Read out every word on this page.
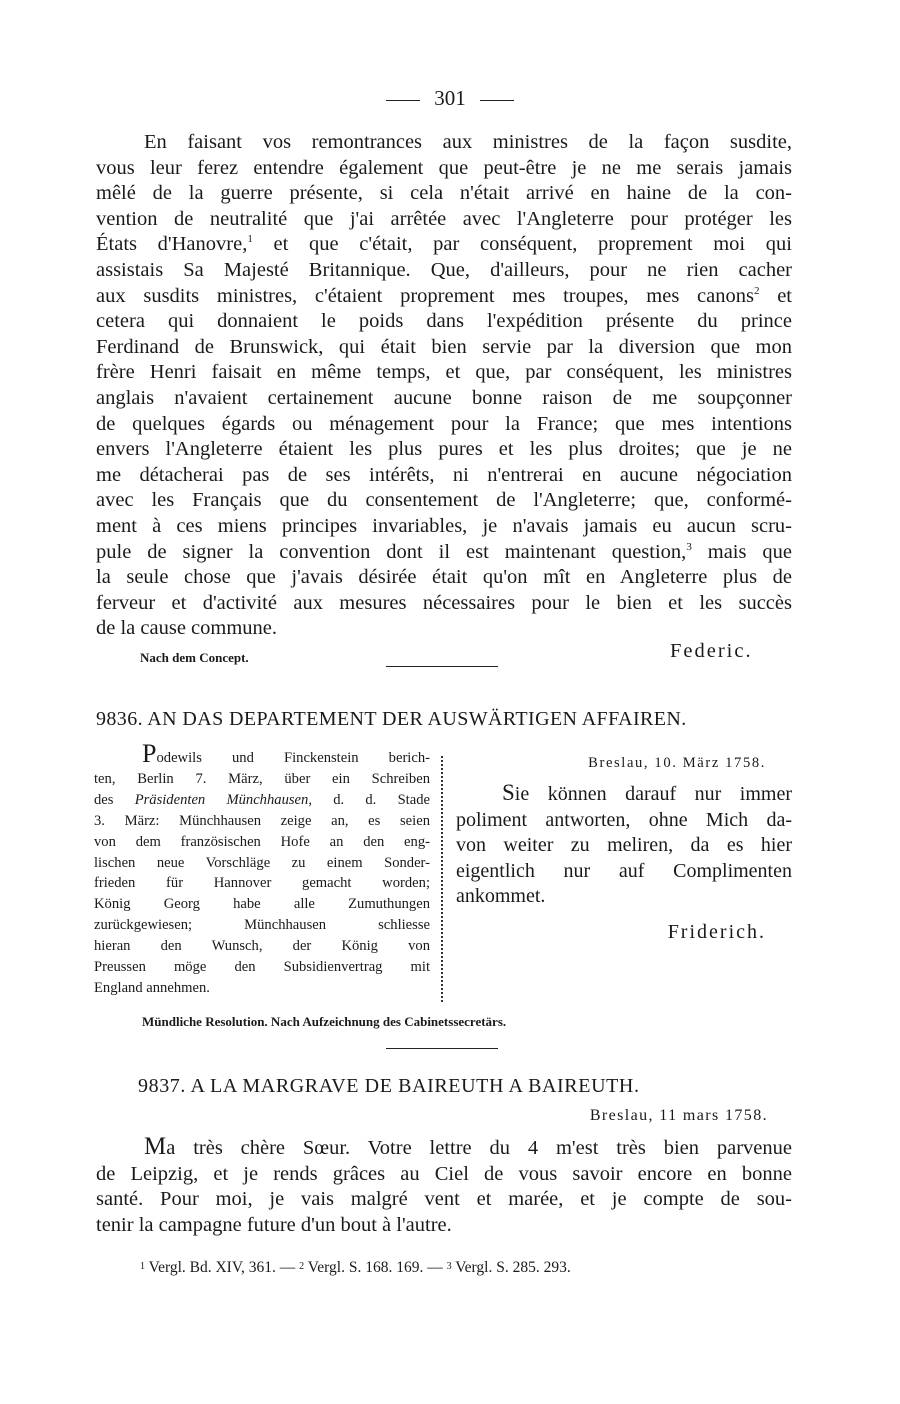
301
En faisant vos remontrances aux ministres de la façon susdite,
vous leur ferez entendre également que peut-être je ne me serais jamais
mêlé de la guerre présente, si cela n'était arrivé en haine de la con-
vention de neutralité que j'ai arrêtée avec l'Angleterre pour protéger les
États d'Hanovre,$^1$ et que c'était, par conséquent, proprement moi qui
assistais Sa Majesté Britannique. Que, d'ailleurs, pour ne rien cacher
aux susdits ministres, c'étaient proprement mes troupes, mes canons$^2$ et
cetera qui donnaient le poids dans l'expédition présente du prince
Ferdinand de Brunswick, qui était bien servie par la diversion que mon
frère Henri faisait en même temps, et que, par conséquent, les ministres
anglais n'avaient certainement aucune bonne raison de me soupçonner
de quelques égards ou ménagement pour la France; que mes intentions
envers l'Angleterre étaient les plus pures et les plus droites; que je ne
me détacherai pas de ses intérêts, ni n'entrerai en aucune négociation
avec les Français que du consentement de l'Angleterre; que, conformé-
ment à ces miens principes invariables, je n'avais jamais eu aucun scru-
pule de signer la convention dont il est maintenant question,$^3$ mais que
la seule chose que j'avais désirée était qu'on mît en Angleterre plus de
ferveur et d'activité aux mesures nécessaires pour le bien et les succès
de la cause commune.
Nach dem Concept.	Federic.
9836. AN DAS DEPARTEMENT DER AUSWÄRTIGEN AFFAIREN.
Podewils und Finckenstein berich-
ten, Berlin 7. März, über ein Schreiben
des Präsidenten Münchhausen, d. d. Stade
3. März: Münchhausen zeige an, es seien
von dem französischen Hofe an den eng-
lischen neue Vorschläge zu einem Sonder-
frieden für Hannover gemacht worden;
König Georg habe alle Zumuthungen
zurückgewiesen; Münchhausen schliesse
hieran den Wunsch, der König von
Preussen möge den Subsidienvertrag mit
England annehmen.
Breslau, 10. März 1758.
Sie können darauf nur immer
poliment antworten, ohne Mich da-
von weiter zu meliren, da es hier
eigentlich nur auf Complimenten
ankommet.
Friderich.
Mündliche Resolution. Nach Aufzeichnung des Cabinetssecretärs.
9837. A LA MARGRAVE DE BAIREUTH A BAIREUTH.
Breslau, 11 mars 1758.
Ma très chère Sœur. Votre lettre du 4 m'est très bien parvenue
de Leipzig, et je rends grâces au Ciel de vous savoir encore en bonne
santé. Pour moi, je vais malgré vent et marée, et je compte de sou-
tenir la campagne future d'un bout à l'autre.
$^1$ Vergl. Bd. XIV, 361. — $^2$ Vergl. S. 168. 169. — $^3$ Vergl. S. 285. 293.
